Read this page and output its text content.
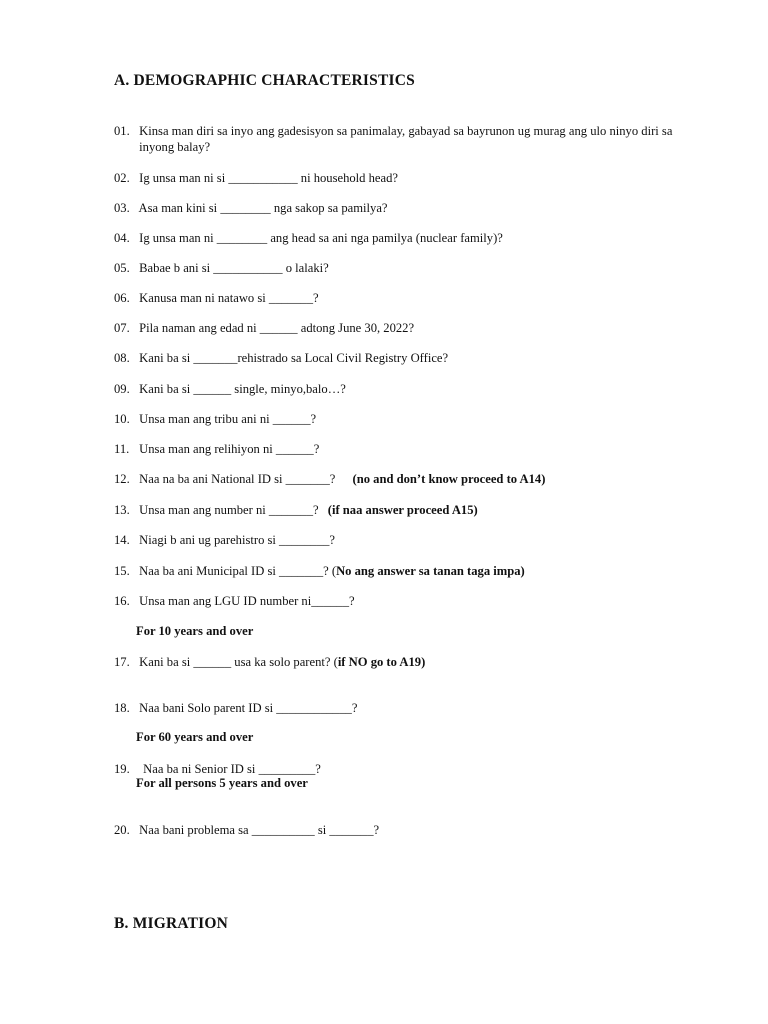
A. DEMOGRAPHIC CHARACTERISTICS
01. Kinsa man diri sa inyo ang gadesisyon sa panimalay, gabayad sa bayrunon ug murag ang ulo ninyo diri sa inyong balay?
02. Ig unsa man ni si ___________ ni household head?
03. Asa man kini si ________ nga sakop sa pamilya?
04. Ig unsa man ni ________ ang head sa ani nga pamilya (nuclear family)?
05. Babae b ani si ___________ o lalaki?
06. Kanusa man ni natawo si _______?
07. Pila naman ang edad ni ______ adtong June 30, 2022?
08. Kani ba si _______rehistrado sa Local Civil Registry Office?
09. Kani ba si ______ single, minyo,balo…?
10. Unsa man ang tribu ani ni ______?
11. Unsa man ang relihiyon ni ______?
12. Naa na ba ani National ID si _______? (no and don’t know proceed to A14)
13. Unsa man ang number ni _______? (if naa answer proceed A15)
14. Niagi b ani ug parehistro si ________?
15. Naa ba ani Municipal ID si _______? (No ang answer sa tanan taga impa)
16. Unsa man ang LGU ID number ni______?
For 10 years and over
17. Kani ba si ______ usa ka solo parent? (if NO go to A19)
18. Naa bani Solo parent ID si ____________?
For 60 years and over
19. Naa ba ni Senior ID si _________?
For all persons 5 years and over
20. Naa bani problema sa __________ si _______?
B. MIGRATION
